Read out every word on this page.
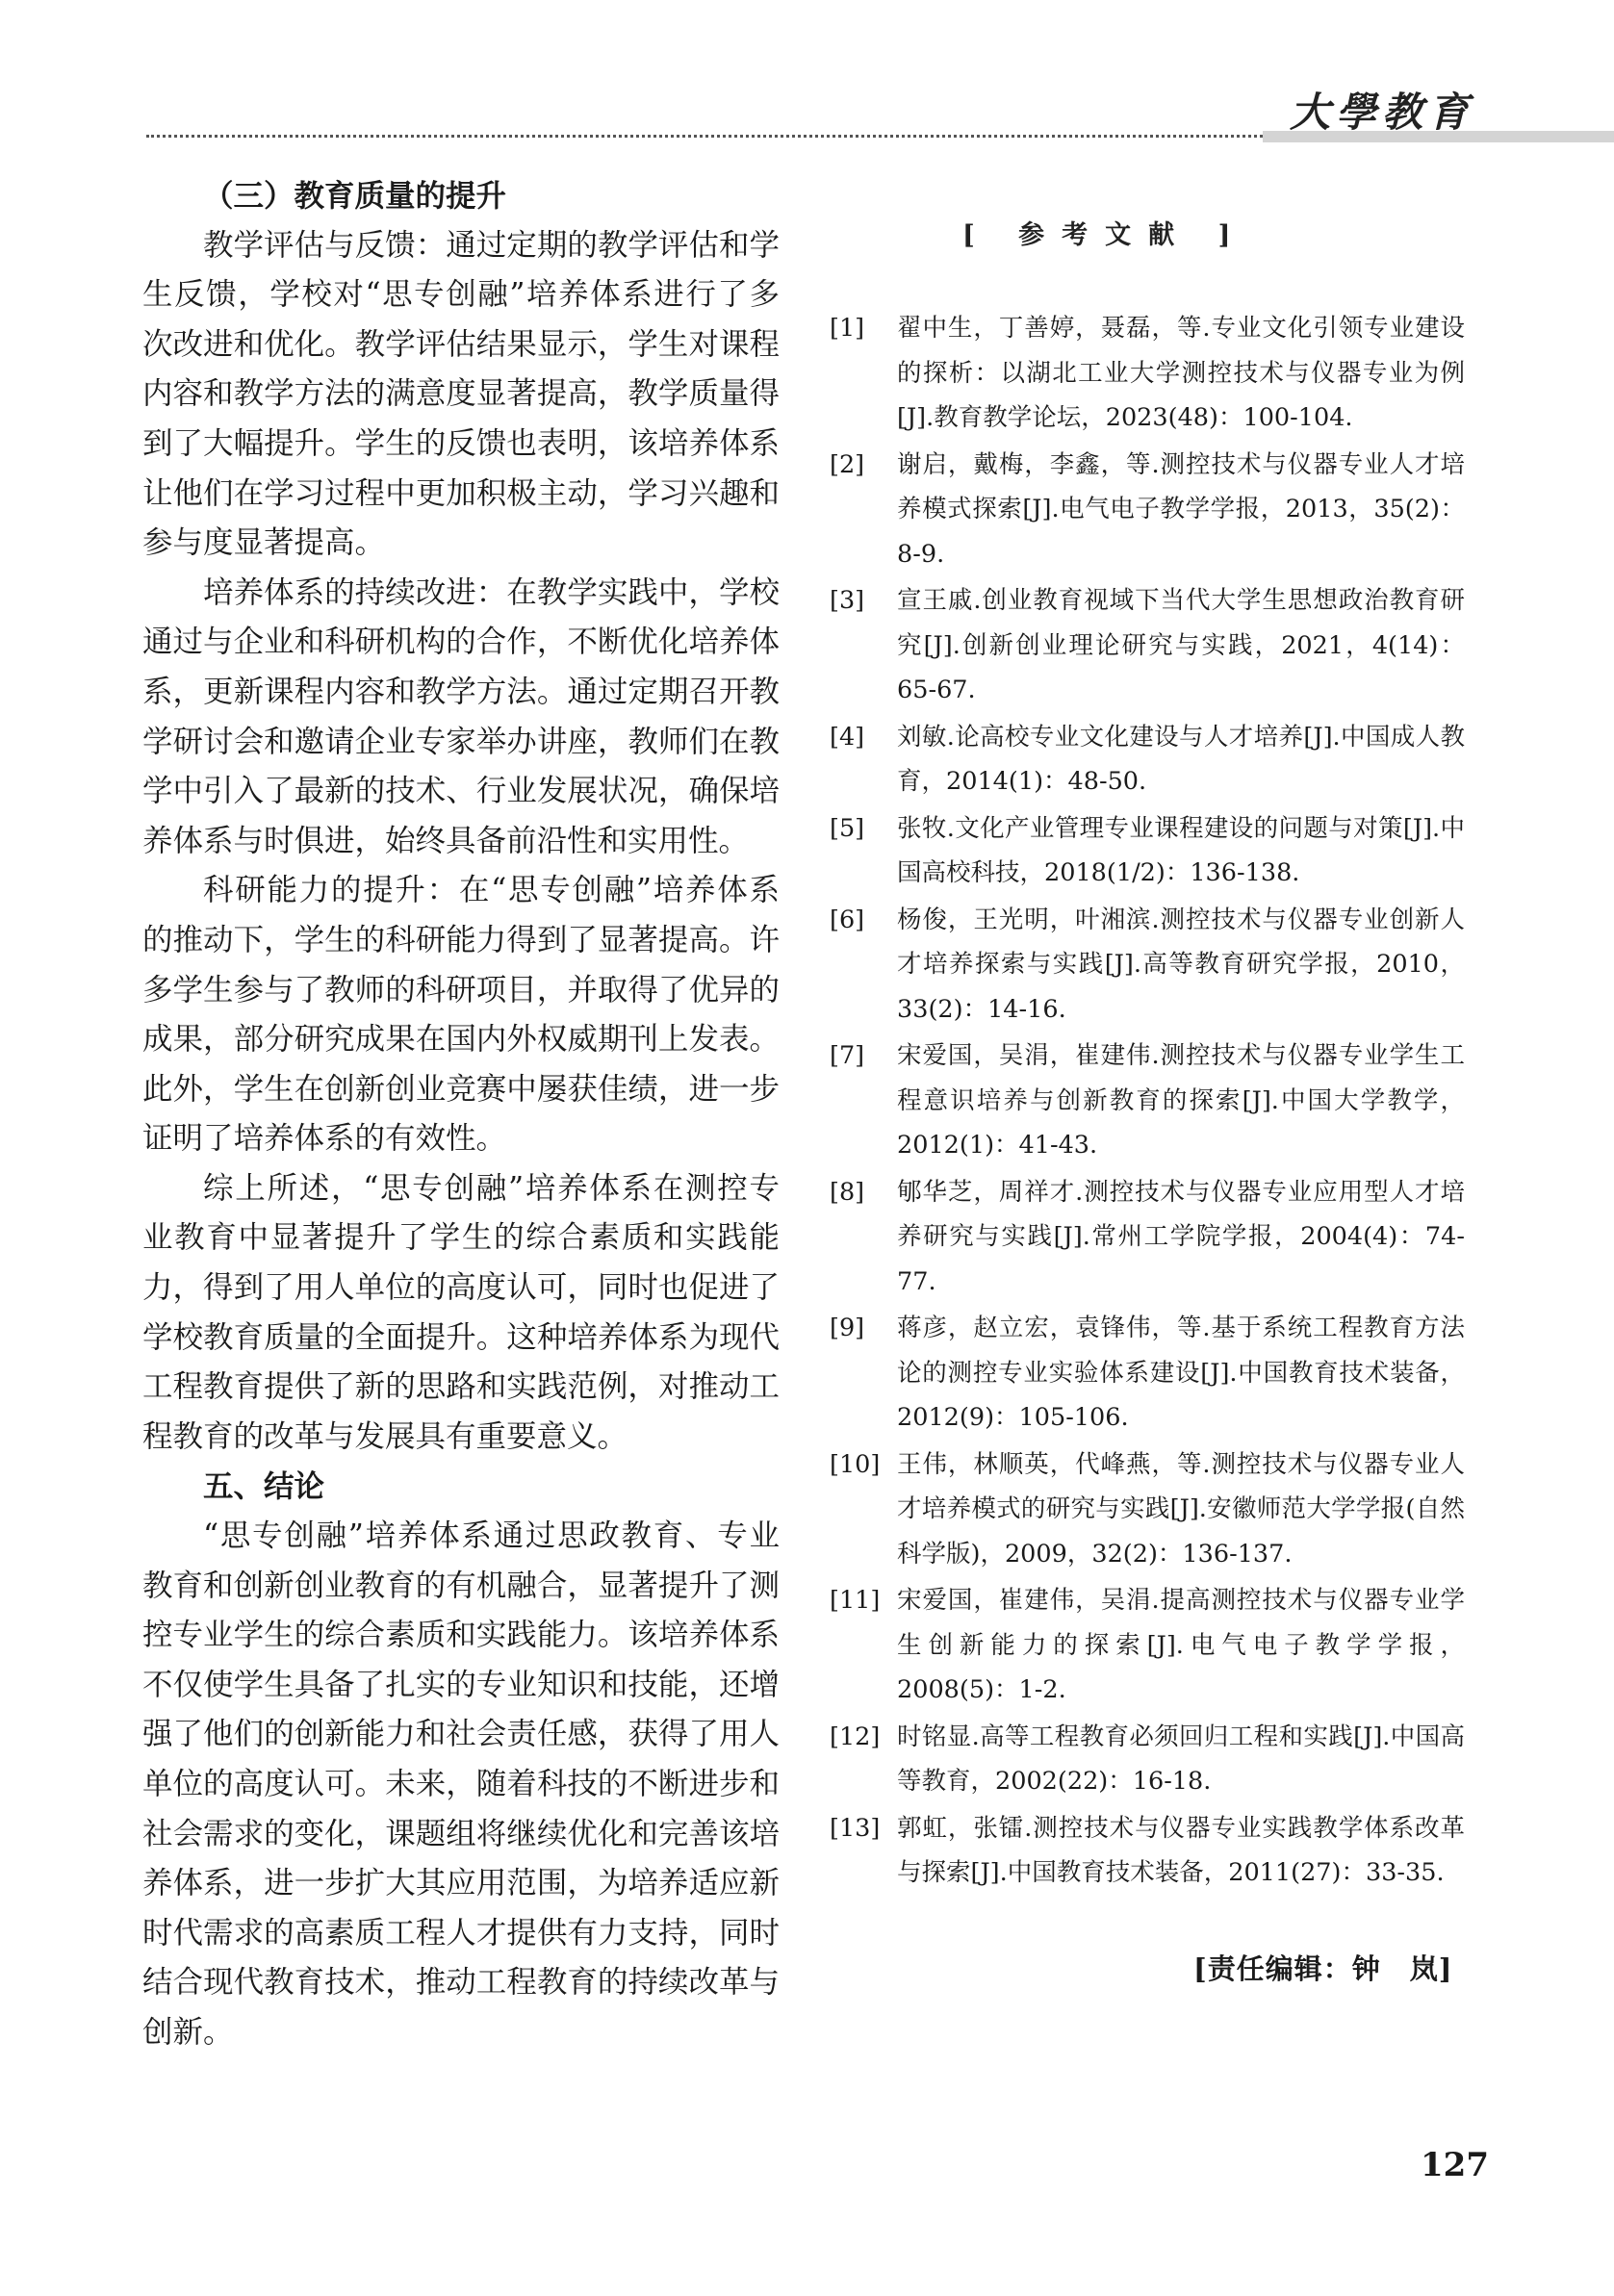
大學教育
（三）教育质量的提升

教学评估与反馈：通过定期的教学评估和学生反馈，学校对“思专创融”培养体系进行了多次改进和优化。教学评估结果显示，学生对课程内容和教学方法的满意度显著提高，教学质量得到了大幅提升。学生的反馈也表明，该培养体系让他们在学习过程中更加积极主动，学习兴趣和参与度显著提高。

培养体系的持续改进：在教学实践中，学校通过与企业和科研机构的合作，不断优化培养体系，更新课程内容和教学方法。通过定期召开教学研讨会和邀请企业专家举办讲座，教师们在教学中引入了最新的技术、行业发展状况，确保培养体系与时俱进，始终具备前沿性和实用性。

科研能力的提升：在“思专创融”培养体系的推动下，学生的科研能力得到了显著提高。许多学生参与了教师的科研项目，并取得了优异的成果，部分研究成果在国内外权威期刊上发表。此外，学生在创新创业竞赛中屡获佳绩，进一步证明了培养体系的有效性。

综上所述，“思专创融”培养体系在测控专业教育中显著提升了学生的综合素质和实践能力，得到了用人单位的高度认可，同时也促进了学校教育质量的全面提升。这种培养体系为现代工程教育提供了新的思路和实践范例，对推动工程教育的改革与发展具有重要意义。

五、结论

“思专创融”培养体系通过思政教育、专业教育和创新创业教育的有机融合，显著提升了测控专业学生的综合素质和实践能力。该培养体系不仅使学生具备了扎实的专业知识和技能，还增强了他们的创新能力和社会责任感，获得了用人单位的高度认可。未来，随着科技的不断进步和社会需求的变化，课题组将继续优化和完善该培养体系，进一步扩大其应用范围，为培养适应新时代需求的高素质工程人才提供有力支持，同时结合现代教育技术，推动工程教育的持续改革与创新。

[ 参考文献 ]
[1]	翟中生，丁善婷，聂磊，等.专业文化引领专业建设的探析：以湖北工业大学测控技术与仪器专业为例[J].教育教学论坛，2023(48)：100-104.
[2]	谢启，戴梅，李鑫，等.测控技术与仪器专业人才培养模式探索[J].电气电子教学学报，2013，35(2)：8-9.
[3]	宣王戚.创业教育视域下当代大学生思想政治教育研究[J].创新创业理论研究与实践，2021，4(14)：65-67.
[4]	刘敏.论高校专业文化建设与人才培养[J].中国成人教育，2014(1)：48-50.
[5]	张牧.文化产业管理专业课程建设的问题与对策[J].中国高校科技，2018(1/2)：136-138.
[6]	杨俊，王光明，叶湘滨.测控技术与仪器专业创新人才培养探索与实践[J].高等教育研究学报，2010，33(2)：14-16.
[7]	宋爱国，吴涓，崔建伟.测控技术与仪器专业学生工程意识培养与创新教育的探索[J].中国大学教学，2012(1)：41-43.
[8]	郇华芝，周祥才.测控技术与仪器专业应用型人才培养研究与实践[J].常州工学院学报，2004(4)：74-77.
[9]	蒋彦，赵立宏，袁锋伟，等.基于系统工程教育方法论的测控专业实验体系建设[J].中国教育技术装备，2012(9)：105-106.
[10] 王伟，林顺英，代峰燕，等.测控技术与仪器专业人才培养模式的研究与实践[J].安徽师范大学学报(自然科学版)，2009，32(2)：136-137.
[11] 宋爱国，崔建伟，吴涓.提高测控技术与仪器专业学生创新能力的探索[J].电气电子教学学报，2008(5)：1-2.
[12] 时铭显.高等工程教育必须回归工程和实践[J].中国高等教育，2002(22)：16-18.
[13] 郭虹，张镭.测控技术与仪器专业实践教学体系改革与探索[J].中国教育技术装备，2011(27)：33-35.
[责任编辑：钟　岚]
127
